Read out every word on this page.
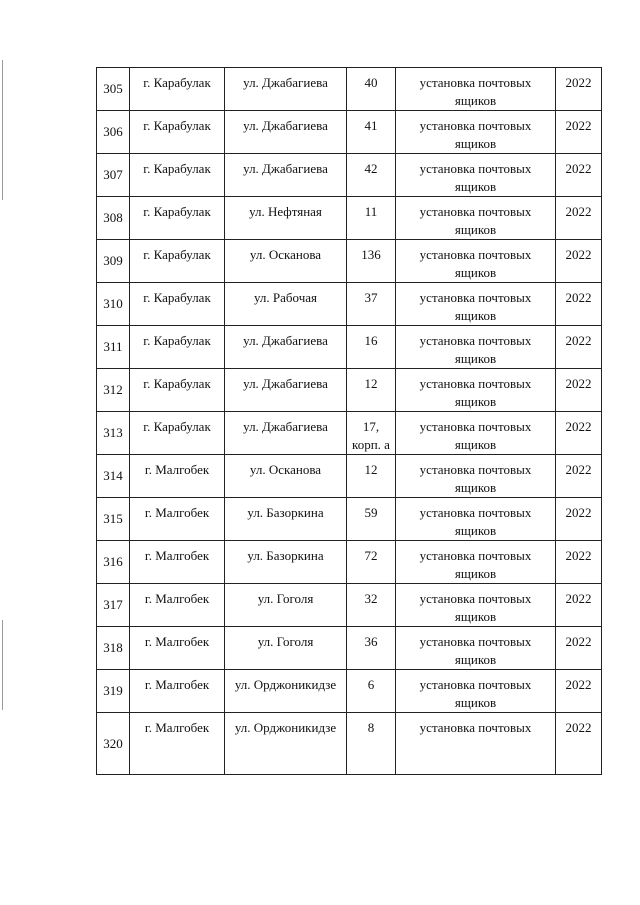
305	г. Карабулак	ул. Джабагиева	40	установка почтовых ящиков	2022
306	г. Карабулак	ул. Джабагиева	41	установка почтовых ящиков	2022
307	г. Карабулак	ул. Джабагиева	42	установка почтовых ящиков	2022
308	г. Карабулак	ул. Нефтяная	11	установка почтовых ящиков	2022
309	г. Карабулак	ул. Осканова	136	установка почтовых ящиков	2022
310	г. Карабулак	ул. Рабочая	37	установка почтовых ящиков	2022
311	г. Карабулак	ул. Джабагиева	16	установка почтовых ящиков	2022
312	г. Карабулак	ул. Джабагиева	12	установка почтовых ящиков	2022
313	г. Карабулак	ул. Джабагиева	17, корп. а	установка почтовых ящиков	2022
314	г. Малгобек	ул. Осканова	12	установка почтовых ящиков	2022
315	г. Малгобек	ул. Базоркина	59	установка почтовых ящиков	2022
316	г. Малгобек	ул. Базоркина	72	установка почтовых ящиков	2022
317	г. Малгобек	ул. Гоголя	32	установка почтовых ящиков	2022
318	г. Малгобек	ул. Гоголя	36	установка почтовых ящиков	2022
319	г. Малгобек	ул. Орджоникидзе	6	установка почтовых ящиков	2022
320	г. Малгобек	ул. Орджоникидзе	8	установка почтовых	2022
